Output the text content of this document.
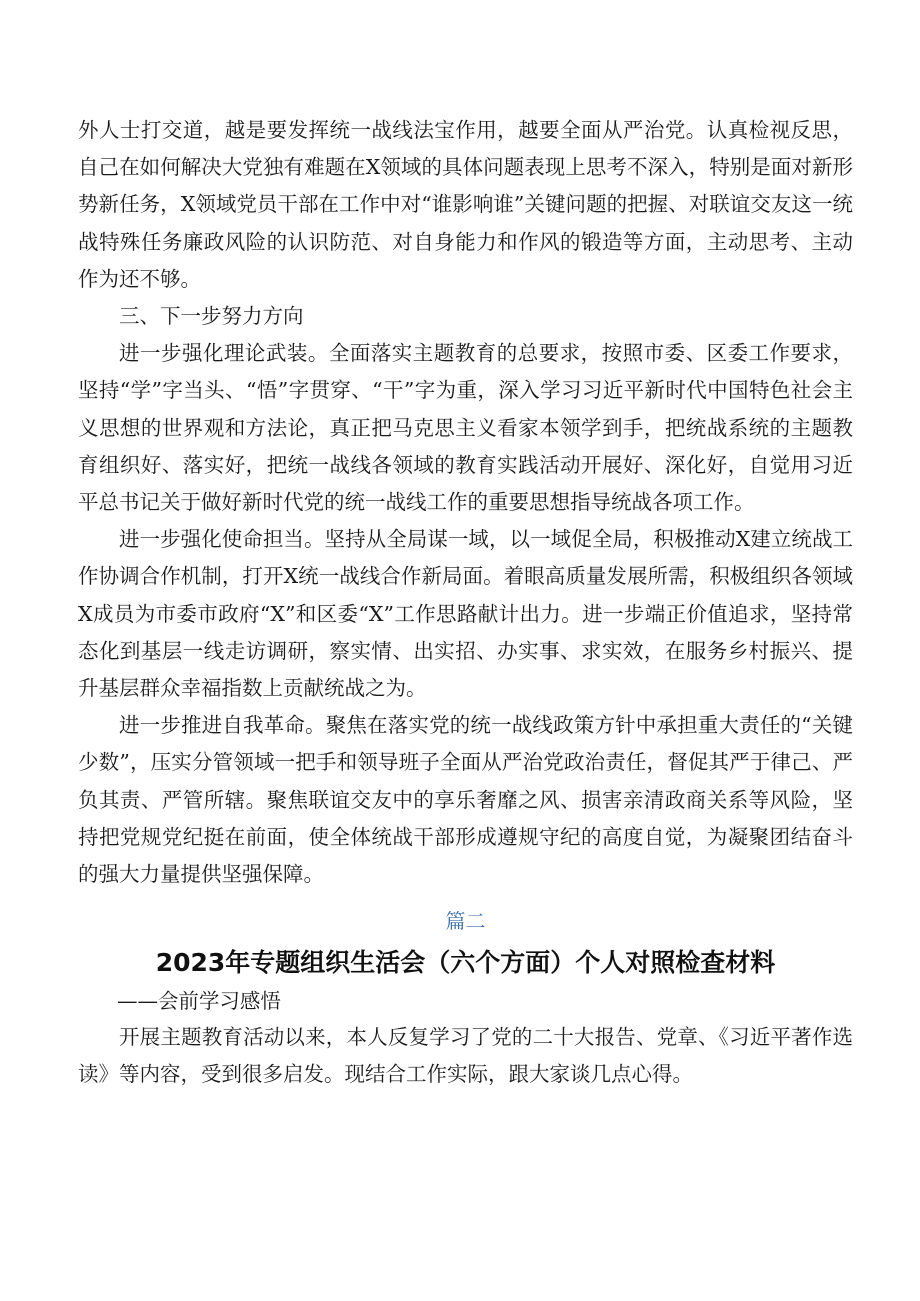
外人士打交道，越是要发挥统一战线法宝作用，越要全面从严治党。认真检视反思，自己在如何解决大党独有难题在X领域的具体问题表现上思考不深入，特别是面对新形势新任务，X领域党员干部在工作中对“谁影响谁”关键问题的把握、对联谊交友这一统战特殊任务廉政风险的认识防范、对自身能力和作风的锻造等方面，主动思考、主动作为还不够。

三、下一步努力方向

进一步强化理论武装。全面落实主题教育的总要求，按照市委、区委工作要求，坚持“学”字当头、“悟”字贯穿、“干”字为重，深入学习习近平新时代中国特色社会主义思想的世界观和方法论，真正把马克思主义看家本领学到手，把统战系统的主题教育组织好、落实好，把统一战线各领域的教育实践活动开展好、深化好，自觉用习近平总书记关于做好新时代党的统一战线工作的重要思想指导统战各项工作。

进一步强化使命担当。坚持从全局谋一域，以一域促全局，积极推动X建立统战工作协调合作机制，打开X统一战线合作新局面。着眼高质量发展所需，积极组织各领域X成员为市委市政府“X”和区委“X”工作思路献计出力。进一步端正价值追求，坚持常态化到基层一线走访调研，察实情、出实招、办实事、求实效，在服务乡村振兴、提升基层群众幸福指数上贡献统战之为。

进一步推进自我革命。聚焦在落实党的统一战线政策方针中承担重大责任的“关键少数”，压实分管领域一把手和领导班子全面从严治党政治责任，督促其严于律己、严负其责、严管所辖。聚焦联谊交友中的享乐奢靡之风、损害亲清政商关系等风险，坚持把党规党纪挺在前面，使全体统战干部形成遵规守纪的高度自觉，为凝聚团结奋斗的强大力量提供坚强保障。

篇二

2023年专题组织生活会（六个方面）个人对照检查材料

——会前学习感悟

开展主题教育活动以来，本人反复学习了党的二十大报告、党章、《习近平著作选读》等内容，受到很多启发。现结合工作实际，跟大家谈几点心得。
